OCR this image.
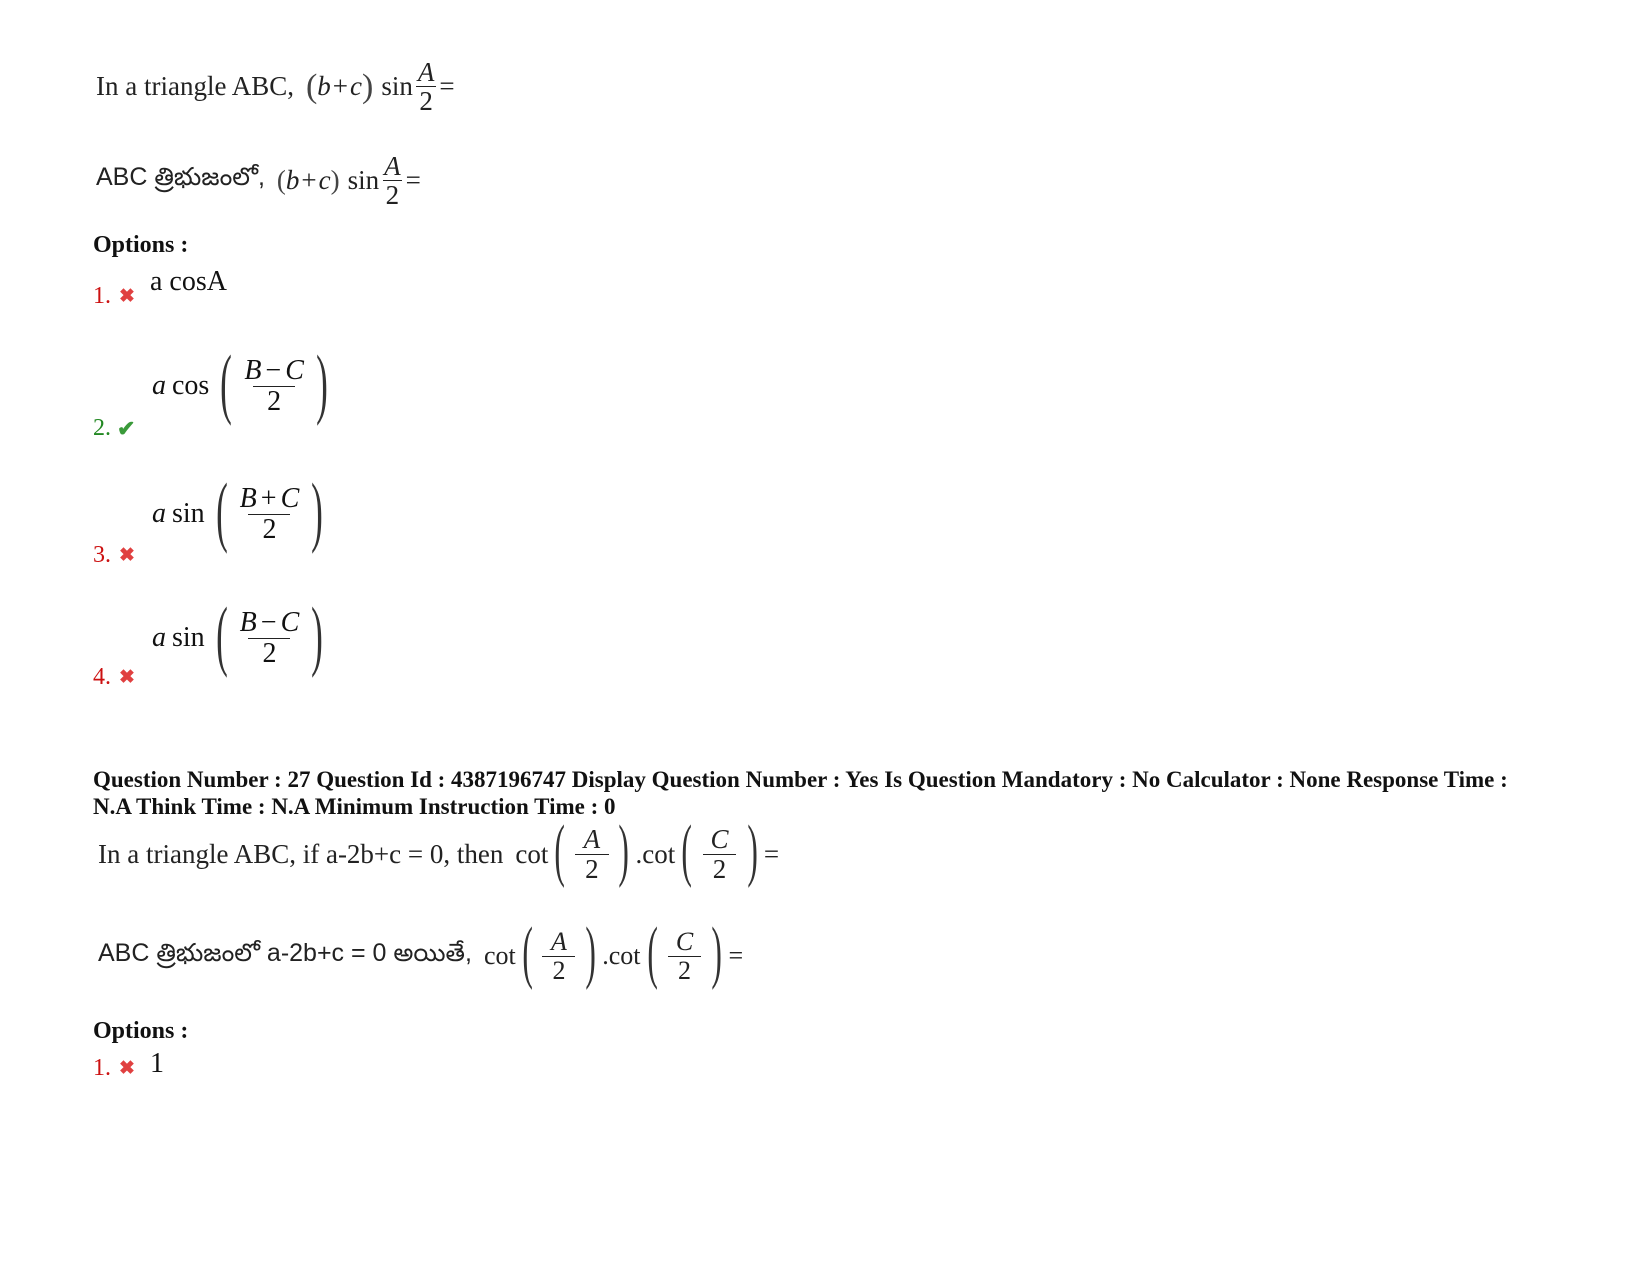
In a triangle ABC, ( b + c ) $\sin \frac{A}{2}$ =
ABC త్రిభుజంలో, ( b + c ) $\sin \frac{A}{2}$ =
Options :
1. ✖ a cosA
2. ✔
a cos ( $\frac{B - C}{2}$ )
3. ✖
a sin ( $\frac{B + C}{2}$ )
4. ✖
a sin ( $\frac{B - C}{2}$ )
Question Number : 27 Question Id : 4387196747 Display Question Number : Yes Is Question Mandatory : No Calculator : None Response Time : N.A Think Time : N.A Minimum Instruction Time : 0
In a triangle ABC, if a-2b+c = 0, then cot ( $\frac{A}{2}$ ) . cot ( $\frac{C}{2}$ ) =
ABC త్రిభుజంలో a-2b+c = 0 అయితే, cot ( $\frac{A}{2}$ ) . cot ( $\frac{C}{2}$ ) =
Options :
1. ✖ 1
